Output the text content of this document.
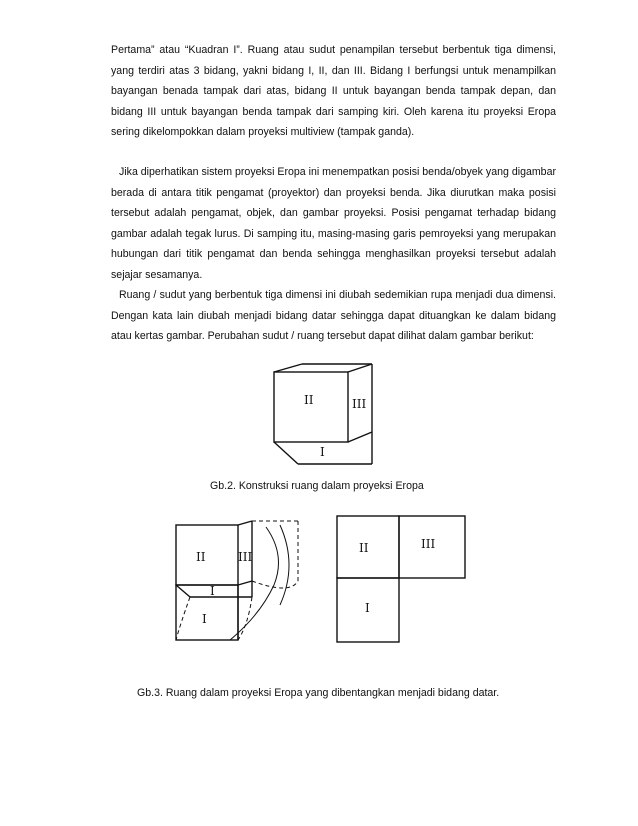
Pertama” atau “Kuadran I”. Ruang atau sudut penampilan tersebut berbentuk tiga dimensi, yang terdiri atas 3 bidang, yakni bidang I, II, dan III. Bidang I berfungsi untuk menampilkan bayangan benada tampak dari atas, bidang II untuk bayangan benda tampak depan, dan bidang III untuk bayangan benda tampak dari samping kiri. Oleh karena itu proyeksi Eropa sering dikelompokkan dalam proyeksi multiview (tampak ganda).

Jika diperhatikan sistem proyeksi Eropa ini menempatkan posisi benda/obyek yang digambar berada di antara titik pengamat (proyektor) dan proyeksi benda. Jika diurutkan maka posisi tersebut adalah pengamat, objek, dan gambar proyeksi. Posisi pengamat terhadap bidang gambar adalah tegak lurus. Di samping itu, masing-masing garis pemroyeksi yang merupakan hubungan dari titik pengamat dan benda sehingga menghasilkan proyeksi tersebut adalah sejajar sesamanya.

Ruang / sudut yang berbentuk tiga dimensi ini diubah sedemikian rupa menjadi dua dimensi. Dengan kata lain diubah menjadi bidang datar sehingga dapat dituangkan ke dalam bidang atau kertas gambar. Perubahan sudut / ruang tersebut dapat dilihat dalam gambar berikut:

II	III
I
Gb.2. Konstruksi ruang dalam proyeksi Eropa
II	III
I
I
II	III
I
Gb.3. Ruang dalam proyeksi Eropa yang dibentangkan menjadi bidang datar.
